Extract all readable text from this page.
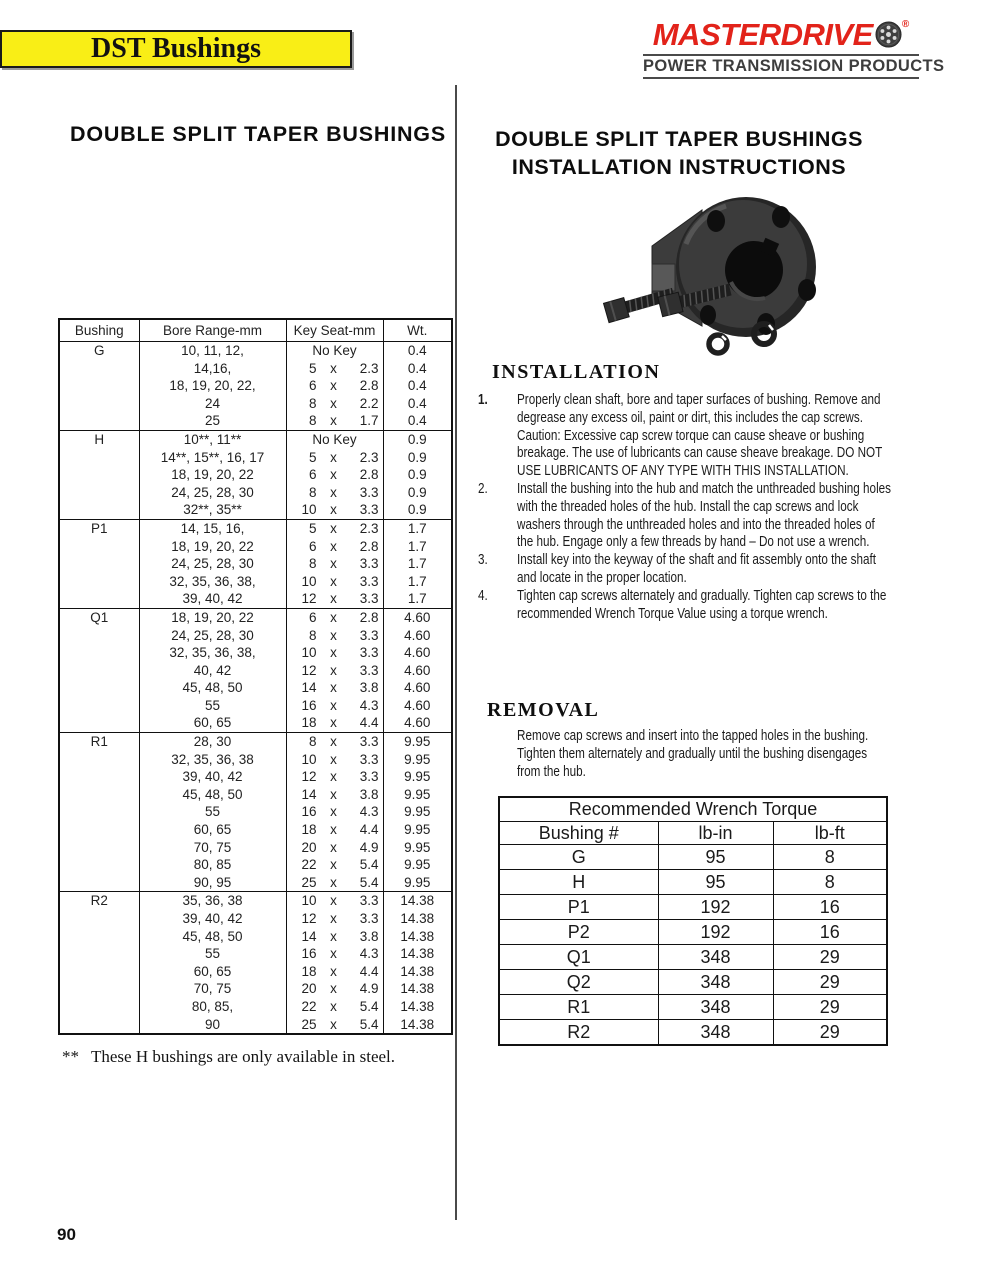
DST Bushings	MASTERDRIVE	®
POWER TRANSMISSION PRODUCTS
DOUBLE SPLIT TAPER BUSHINGS
Bushing	Bore Range-mm	Key Seat-mm	Wt.
G	10, 11, 12,	No Key	0.4
	14,16,	5 x 2.3	0.4
	18, 19, 20, 22,	6 x 2.8	0.4
	24	8 x 2.2	0.4
	25	8 x 1.7	0.4
H	10**, 11**	No Key	0.9
	14**, 15**, 16, 17	5 x 2.3	0.9
	18, 19, 20, 22	6 x 2.8	0.9
	24, 25, 28, 30	8 x 3.3	0.9
	32**, 35**	10 x 3.3	0.9
P1	14, 15, 16,	5 x 2.3	1.7
	18, 19, 20, 22	6 x 2.8	1.7
	24, 25, 28, 30	8 x 3.3	1.7
	32, 35, 36, 38,	10 x 3.3	1.7
	39, 40, 42	12 x 3.3	1.7
Q1	18, 19, 20, 22	6 x 2.8	4.60
	24, 25, 28, 30	8 x 3.3	4.60
	32, 35, 36, 38,	10 x 3.3	4.60
	40, 42	12 x 3.3	4.60
	45, 48, 50	14 x 3.8	4.60
	55	16 x 4.3	4.60
	60, 65	18 x 4.4	4.60
R1	28, 30	8 x 3.3	9.95
	32, 35, 36, 38	10 x 3.3	9.95
	39, 40, 42	12 x 3.3	9.95
	45, 48, 50	14 x 3.8	9.95
	55	16 x 4.3	9.95
	60, 65	18 x 4.4	9.95
	70, 75	20 x 4.9	9.95
	80, 85	22 x 5.4	9.95
	90, 95	25 x 5.4	9.95
R2	35, 36, 38	10 x 3.3	14.38
	39, 40, 42	12 x 3.3	14.38
	45, 48, 50	14 x 3.8	14.38
	55	16 x 4.3	14.38
	60, 65	18 x 4.4	14.38
	70, 75	20 x 4.9	14.38
	80, 85,	22 x 5.4	14.38
	90	25 x 5.4	14.38
** These H bushings are only available in steel.
90
DOUBLE SPLIT TAPER BUSHINGS
INSTALLATION INSTRUCTIONS
INSTALLATION
1.	Properly clean shaft, bore and taper surfaces of bushing. Remove and degrease any excess oil, paint or dirt, this includes the cap screws. Caution: Excessive cap screw torque can cause sheave or bushing breakage. The use of lubricants can cause sheave breakage. DO NOT USE LUBRICANTS OF ANY TYPE WITH THIS INSTALLATION.
2.	Install the bushing into the hub and match the unthreaded bushing holes with the threaded holes of the hub. Install the cap screws and lock washers through the unthreaded holes and into the threaded holes of the hub. Engage only a few threads by hand – Do not use a wrench.
3.	Install key into the keyway of the shaft and fit assembly onto the shaft and locate in the proper location.
4.	Tighten cap screws alternately and gradually. Tighten cap screws to the recommended Wrench Torque Value using a torque wrench.
REMOVAL
Remove cap screws and insert into the tapped holes in the bushing. Tighten them alternately and gradually until the bushing disengages from the hub.
Recommended Wrench Torque		
Bushing #	lb-in	lb-ft
G	95	8
H	95	8
P1	192	16
P2	192	16
Q1	348	29
Q2	348	29
R1	348	29
R2	348	29
